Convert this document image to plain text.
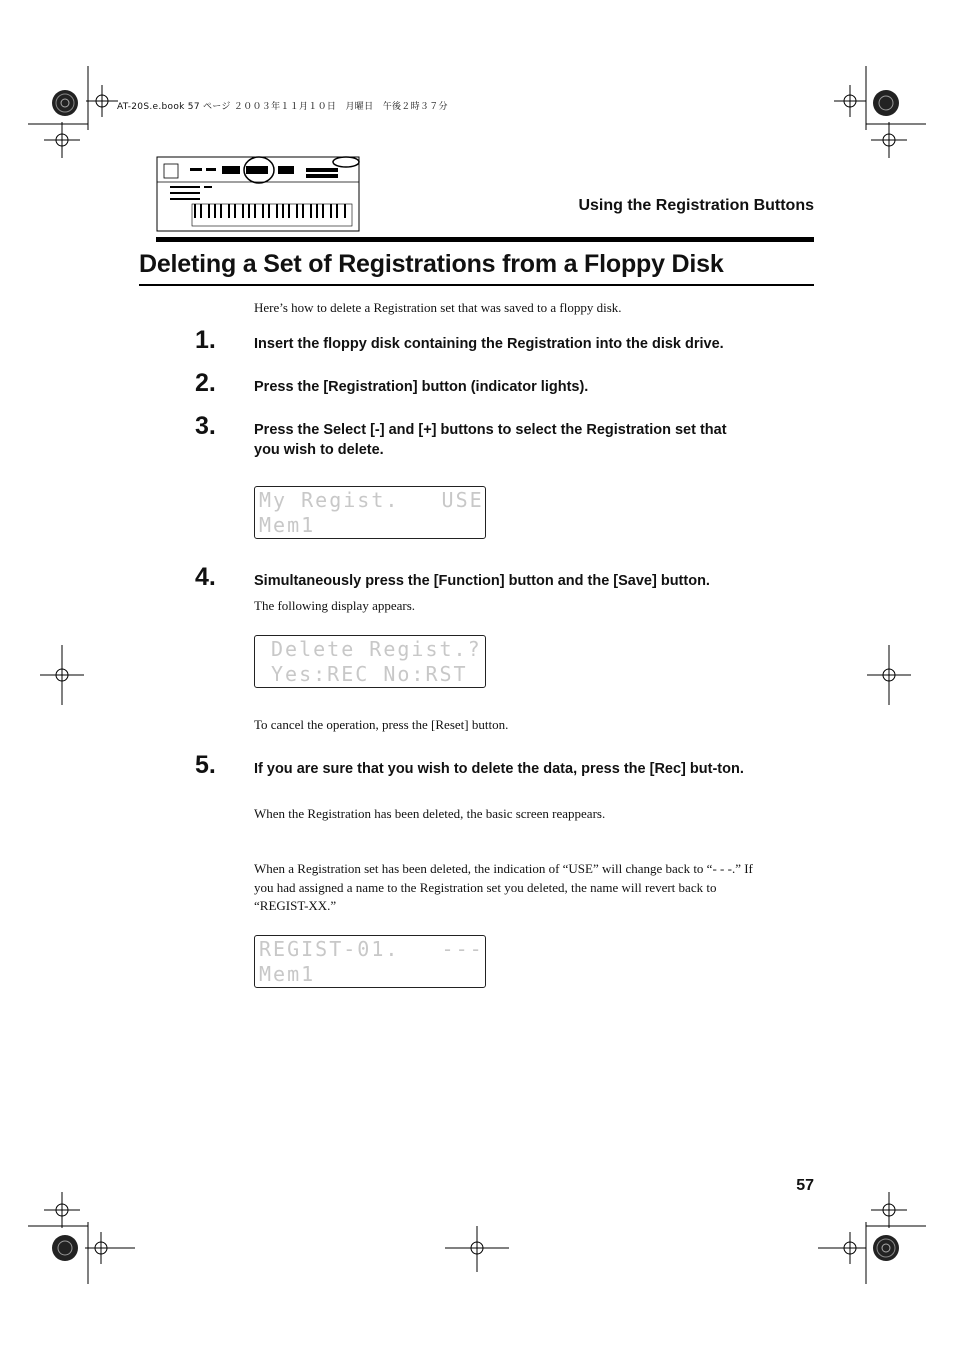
AT-20S.e.book 57 ページ ２００３年１１月１０日　月曜日　午後２時３７分
Using the Registration Buttons
Deleting a Set of Registrations from a Floppy Disk
Here’s how to delete a Registration set that was saved to a floppy disk.
1.	Insert the floppy disk containing the Registration into the disk drive.
2.	Press the [Registration] button (indicator lights).
3.	Press the Select [-] and [+] buttons to select the Registration set that you wish to delete.
My Regist.   USE
Mem1
4.	Simultaneously press the [Function] button and the [Save] button.
The following display appears.
Delete Regist.?
Yes:REC No:RST
To cancel the operation, press the [Reset] button.
5.	If you are sure that you wish to delete the data, press the [Rec] but-ton.
When the Registration has been deleted, the basic screen reappears.
When a Registration set has been deleted, the indication of “USE” will change back to “- - -.” If you had assigned a name to the Registration set you deleted, the name will revert back to “REGIST-XX.”
REGIST-01.   ---
Mem1
57
